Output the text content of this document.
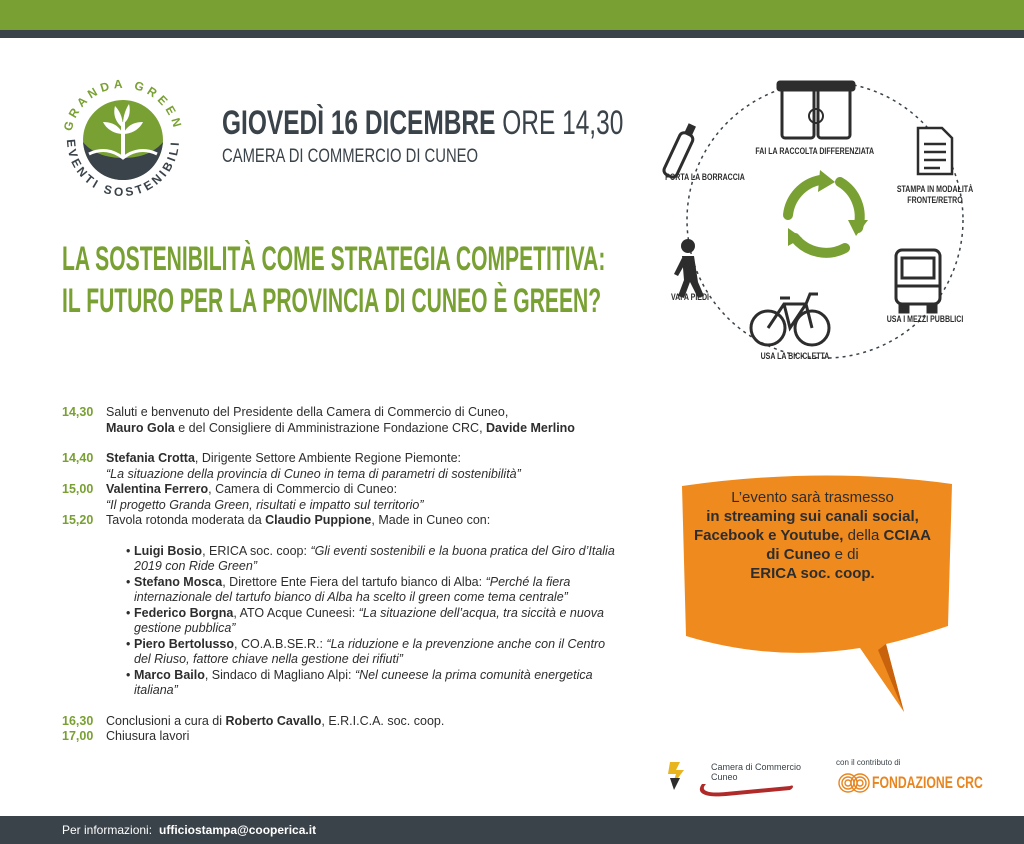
GRANDA GREEN
EVENTI SOSTENIBILI
GIOVEDÌ 16 DICEMBRE ORE 14,30
CAMERA DI COMMERCIO DI CUNEO
LA SOSTENIBILITÀ COME STRATEGIA COMPETITIVA:
IL FUTURO PER LA PROVINCIA DI CUNEO È GREEN?
FAI LA RACCOLTA DIFFERENZIATA
STAMPA IN MODALITÀ
FRONTE/RETRO
USA I MEZZI PUBBLICI
USA LA BICICLETTA
VAI A PIEDI
PORTA LA BORRACCIA
14,30 Saluti e benvenuto del Presidente della Camera di Commercio di Cuneo,
Mauro Gola e del Consigliere di Amministrazione Fondazione CRC, Davide Merlino
14,40 Stefania Crotta, Dirigente Settore Ambiente Regione Piemonte:
“La situazione della provincia di Cuneo in tema di parametri di sostenibilità”
15,00 Valentina Ferrero, Camera di Commercio di Cuneo:
“Il progetto Granda Green, risultati e impatto sul territorio”
15,20 Tavola rotonda moderata da Claudio Puppione, Made in Cuneo con:
• Luigi Bosio, ERICA soc. coop: “Gli eventi sostenibili e la buona pratica del Giro d’Italia 2019 con Ride Green”
• Stefano Mosca, Direttore Ente Fiera del tartufo bianco di Alba: “Perché la fiera internazionale del tartufo bianco di Alba ha scelto il green come tema centrale”
• Federico Borgna, ATO Acque Cuneesi: “La situazione dell’acqua, tra siccità e nuova gestione pubblica”
• Piero Bertolusso, CO.A.B.SE.R.: “La riduzione e la prevenzione anche con il Centro del Riuso, fattore chiave nella gestione dei rifiuti”
• Marco Bailo, Sindaco di Magliano Alpi: “Nel cuneese la prima comunità energetica italiana”
16,30 Conclusioni a cura di Roberto Cavallo, E.R.I.C.A. soc. coop.
17,00 Chiusura lavori
L’evento sarà trasmesso
in streaming sui canali social, Facebook e Youtube, della CCIAA di Cuneo e di
ERICA soc. coop.
Camera di Commercio
Cuneo
con il contributo di
FONDAZIONE CRC
Per informazioni: ufficiostampa@cooperica.it
